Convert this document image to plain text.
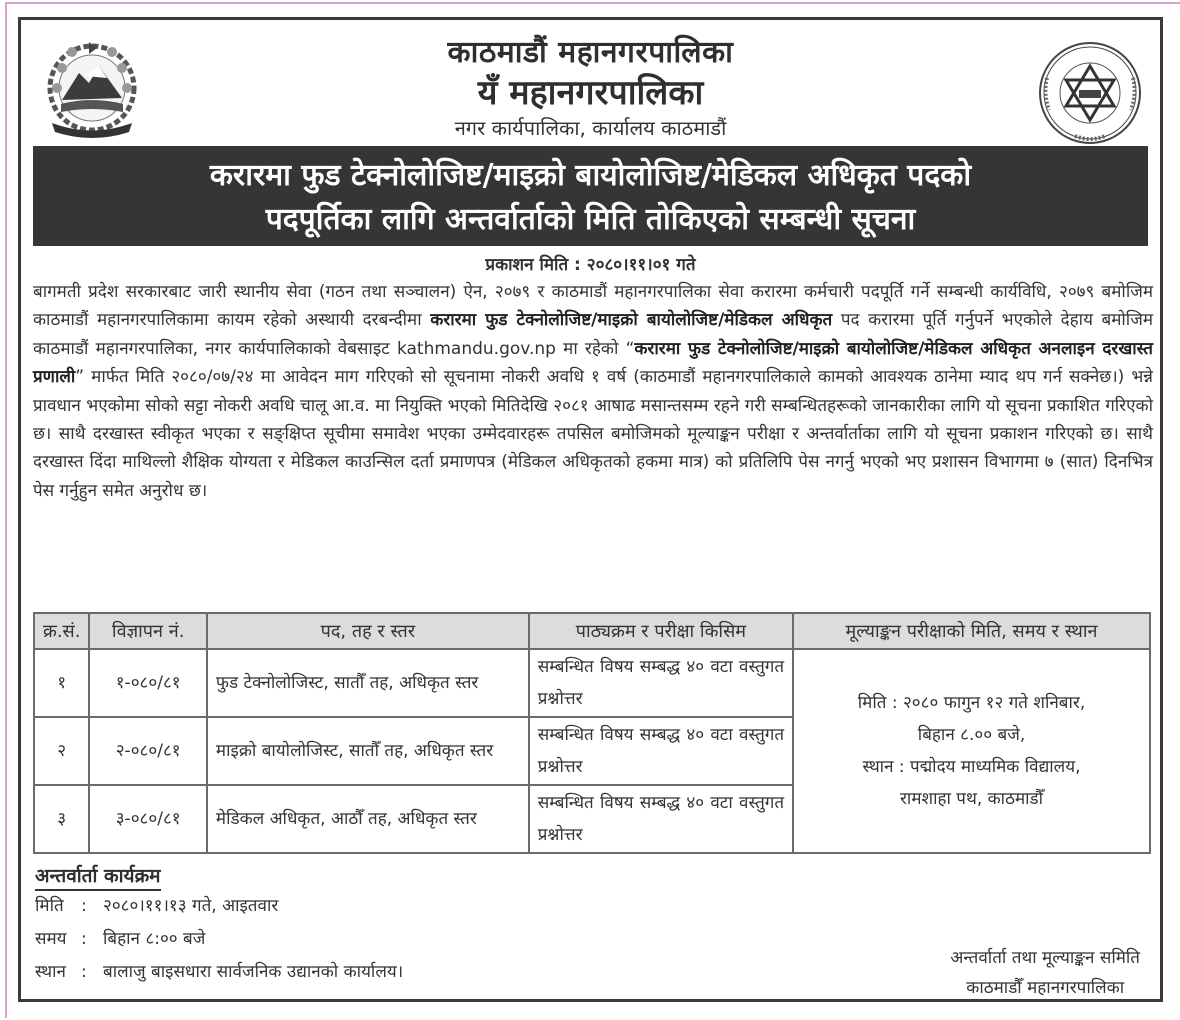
काठमाडौं महानगरपालिका
यँ महानगरपालिका
नगर कार्यपालिका, कार्यालय काठमाडौं
करारमा फुड टेक्नोलोजिष्ट/माइक्रो बायोलोजिष्ट/मेडिकल अधिकृत पदको
पदपूर्तिका लागि अन्तर्वार्ताको मिति तोकिएको सम्बन्धी सूचना
प्रकाशन मिति : २०८०।११।०१ गते
बागमती प्रदेश सरकारबाट जारी स्थानीय सेवा (गठन तथा सञ्चालन) ऐन, २०७९ र काठमाडौं महानगरपालिका सेवा करारमा कर्मचारी पदपूर्ति गर्ने सम्बन्धी कार्यविधि, २०७९ बमोजिम काठमाडौं महानगरपालिकामा कायम रहेको अस्थायी दरबन्दीमा करारमा फुड टेक्नोलोजिष्ट/माइक्रो बायोलोजिष्ट/मेडिकल अधिकृत पद करारमा पूर्ति गर्नुपर्ने भएकोले देहाय बमोजिम काठमाडौं महानगरपालिका, नगर कार्यपालिकाको वेबसाइट kathmandu.gov.np मा रहेको “करारमा फुड टेक्नोलोजिष्ट/माइक्रो बायोलोजिष्ट/मेडिकल अधिकृत अनलाइन दरखास्त प्रणाली” मार्फत मिति २०८०/०७/२४ मा आवेदन माग गरिएको सो सूचनामा नोकरी अवधि १ वर्ष (काठमाडौं महानगरपालिकाले कामको आवश्यक ठानेमा म्याद थप गर्न सक्नेछ।) भन्ने प्रावधान भएकोमा सोको सट्टा नोकरी अवधि चालू आ.व. मा नियुक्ति भएको मितिदेखि २०८१ आषाढ मसान्तसम्म रहने गरी सम्बन्धितहरूको जानकारीका लागि यो सूचना प्रकाशित गरिएको छ। साथै दरखास्त स्वीकृत भएका र सङ्क्षिप्त सूचीमा समावेश भएका उम्मेदवारहरू तपसिल बमोजिमको मूल्याङ्कन परीक्षा र अन्तर्वार्ताका लागि यो सूचना प्रकाशन गरिएको छ। साथै दरखास्त दिंदा माथिल्लो शैक्षिक योग्यता र मेडिकल काउन्सिल दर्ता प्रमाणपत्र (मेडिकल अधिकृतको हकमा मात्र) को प्रतिलिपि पेस नगर्नु भएको भए प्रशासन विभागमा ७ (सात) दिनभित्र पेस गर्नुहुन समेत अनुरोध छ।
क्र.सं.	विज्ञापन नं.	पद, तह र स्तर	पाठ्यक्रम र परीक्षा किसिम	मूल्याङ्कन परीक्षाको मिति, समय र स्थान
१	१-०८०/८१	फुड टेक्नोलोजिस्ट, सातौँ तह, अधिकृत स्तर	सम्बन्धित विषय सम्बद्ध ४० वटा वस्तुगत प्रश्नोत्तर	मिति : २०८० फागुन १२ गते शनिबार,
बिहान ८.०० बजे,
स्थान : पद्मोदय माध्यमिक विद्यालय,
रामशाहा पथ, काठमाडौँ

२	२-०८०/८१	माइक्रो बायोलोजिस्ट, सातौँ तह, अधिकृत स्तर	सम्बन्धित विषय सम्बद्ध ४० वटा वस्तुगत प्रश्नोत्तर	
३	३-०८०/८१	मेडिकल अधिकृत, आठौँ तह, अधिकृत स्तर	सम्बन्धित विषय सम्बद्ध ४० वटा वस्तुगत प्रश्नोत्तर	
अन्तर्वार्ता कार्यक्रम
मिति : २०८०।११।१३ गते, आइतवार
समय : बिहान ८:०० बजे
स्थान : बालाजु बाइसधारा सार्वजनिक उद्यानको कार्यालय।
अन्तर्वार्ता तथा मूल्याङ्कन समिति
काठमाडौँ महानगरपालिका
